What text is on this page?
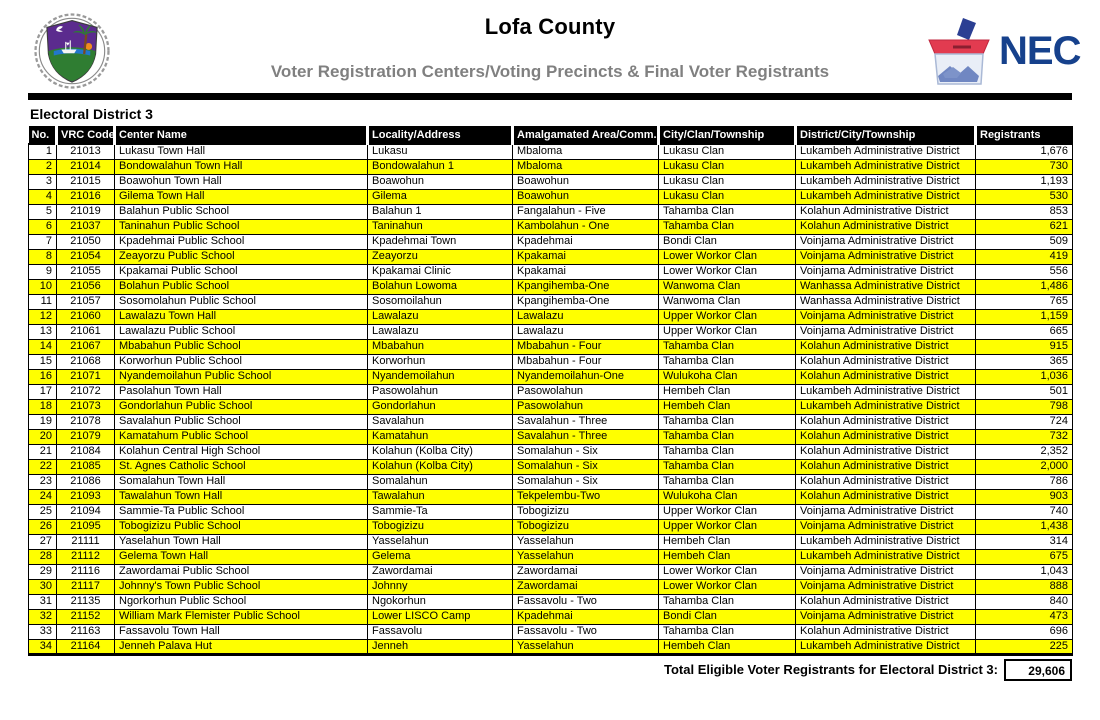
Lofa County
Voter Registration Centers/Voting Precincts & Final Voter Registrants	NEC
Electoral District 3
No.	VRC Code	Center Name	Locality/Address	Amalgamated Area/Comm.	City/Clan/Township	District/City/Township	Registrants
1	21013	Lukasu Town Hall	Lukasu	Mbaloma	Lukasu Clan	Lukambeh Administrative District	1,676
2	21014	Bondowalahun Town Hall	Bondowalahun 1	Mbaloma	Lukasu Clan	Lukambeh Administrative District	730
3	21015	Boawohun Town Hall	Boawohun	Boawohun	Lukasu Clan	Lukambeh Administrative District	1,193
4	21016	Gilema Town Hall	Gilema	Boawohun	Lukasu Clan	Lukambeh Administrative District	530
5	21019	Balahun Public School	Balahun 1	Fangalahun - Five	Tahamba Clan	Kolahun Administrative District	853
6	21037	Taninahun Public School	Taninahun	Kambolahun - One	Tahamba Clan	Kolahun Administrative District	621
7	21050	Kpadehmai Public School	Kpadehmai Town	Kpadehmai	Bondi Clan	Voinjama Administrative District	509
8	21054	Zeayorzu Public School	Zeayorzu	Kpakamai	Lower Workor Clan	Voinjama Administrative District	419
9	21055	Kpakamai Public School	Kpakamai Clinic	Kpakamai	Lower Workor Clan	Voinjama Administrative District	556
10	21056	Bolahun Public School	Bolahun Lowoma	Kpangihemba-One	Wanwoma Clan	Wanhassa Administrative District	1,486
11	21057	Sosomolahun Public School	Sosomoilahun	Kpangihemba-One	Wanwoma Clan	Wanhassa Administrative District	765
12	21060	Lawalazu Town Hall	Lawalazu	Lawalazu	Upper Workor Clan	Voinjama Administrative District	1,159
13	21061	Lawalazu Public School	Lawalazu	Lawalazu	Upper Workor Clan	Voinjama Administrative District	665
14	21067	Mbabahun Public School	Mbabahun	Mbabahun - Four	Tahamba Clan	Kolahun Administrative District	915
15	21068	Korworhun Public School	Korworhun	Mbabahun - Four	Tahamba Clan	Kolahun Administrative District	365
16	21071	Nyandemoilahun Public School	Nyandemoilahun	Nyandemoilahun-One	Wulukoha Clan	Kolahun Administrative District	1,036
17	21072	Pasolahun Town Hall	Pasowolahun	Pasowolahun	Hembeh Clan	Lukambeh Administrative District	501
18	21073	Gondorlahun Public School	Gondorlahun	Pasowolahun	Hembeh Clan	Lukambeh Administrative District	798
19	21078	Savalahun Public School	Savalahun	Savalahun - Three	Tahamba Clan	Kolahun Administrative District	724
20	21079	Kamatahum Public School	Kamatahun	Savalahun - Three	Tahamba Clan	Kolahun Administrative District	732
21	21084	Kolahun Central High School	Kolahun (Kolba City)	Somalahun - Six	Tahamba Clan	Kolahun Administrative District	2,352
22	21085	St. Agnes Catholic School	Kolahun (Kolba City)	Somalahun - Six	Tahamba Clan	Kolahun Administrative District	2,000
23	21086	Somalahun Town Hall	Somalahun	Somalahun - Six	Tahamba Clan	Kolahun Administrative District	786
24	21093	Tawalahun Town Hall	Tawalahun	Tekpelembu-Two	Wulukoha Clan	Kolahun Administrative District	903
25	21094	Sammie-Ta Public School	Sammie-Ta	Tobogizizu	Upper Workor Clan	Voinjama Administrative District	740
26	21095	Tobogizizu Public School	Tobogizizu	Tobogizizu	Upper Workor Clan	Voinjama Administrative District	1,438
27	21111	Yaselahun Town Hall	Yasselahun	Yasselahun	Hembeh Clan	Lukambeh Administrative District	314
28	21112	Gelema Town Hall	Gelema	Yasselahun	Hembeh Clan	Lukambeh Administrative District	675
29	21116	Zawordamai Public School	Zawordamai	Zawordamai	Lower Workor Clan	Voinjama Administrative District	1,043
30	21117	Johnny's Town Public School	Johnny	Zawordamai	Lower Workor Clan	Voinjama Administrative District	888
31	21135	Ngorkorhun Public School	Ngokorhun	Fassavolu - Two	Tahamba Clan	Kolahun Administrative District	840
32	21152	William Mark Flemister Public School	Lower LISCO Camp	Kpadehmai	Bondi Clan	Voinjama Administrative District	473
33	21163	Fassavolu Town Hall	Fassavolu	Fassavolu - Two	Tahamba Clan	Kolahun Administrative District	696
34	21164	Jenneh Palava Hut	Jenneh	Yasselahun	Hembeh Clan	Lukambeh Administrative District	225
Total Eligible Voter Registrants for Electoral District 3:	29,606
